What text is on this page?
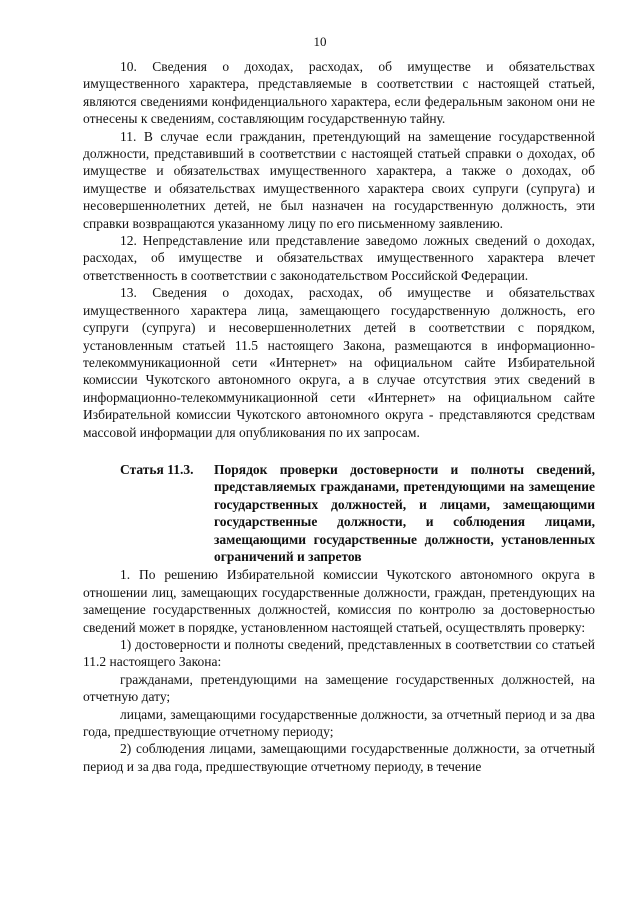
10

10. Сведения о доходах, расходах, об имуществе и обязательствах имущественного характера, представляемые в соответствии с настоящей статьей, являются сведениями конфиденциального характера, если федеральным законом они не отнесены к сведениям, составляющим государственную тайну.

11. В случае если гражданин, претендующий на замещение государственной должности, представивший в соответствии с настоящей статьей справки о доходах, об имуществе и обязательствах имущественного характера, а также о доходах, об имуществе и обязательствах имущественного характера своих супруги (супруга) и несовершеннолетних детей, не был назначен на государственную должность, эти справки возвращаются указанному лицу по его письменному заявлению.

12. Непредставление или представление заведомо ложных сведений о доходах, расходах, об имуществе и обязательствах имущественного характера влечет ответственность в соответствии с законодательством Российской Федерации.

13. Сведения о доходах, расходах, об имуществе и обязательствах имущественного характера лица, замещающего государственную должность, его супруги (супруга) и несовершеннолетних детей в соответствии с порядком, установленным статьей 11.5 настоящего Закона, размещаются в информационно-телекоммуникационной сети «Интернет» на официальном сайте Избирательной комиссии Чукотского автономного округа, а в случае отсутствия этих сведений в информационно-телекоммуникационной сети «Интернет» на официальном сайте Избирательной комиссии Чукотского автономного округа - представляются средствам массовой информации для опубликования по их запросам.

Статья 11.3.	Порядок проверки достоверности и полноты сведений, представляемых гражданами, претендующими на замещение государственных должностей, и лицами, замещающими государственные должности, и соблюдения лицами, замещающими государственные должности, установленных ограничений и запретов

1. По решению Избирательной комиссии Чукотского автономного округа в отношении лиц, замещающих государственные должности, граждан, претендующих на замещение государственных должностей, комиссия по контролю за достоверностью сведений может в порядке, установленном настоящей статьей, осуществлять проверку:

1) достоверности и полноты сведений, представленных в соответствии со статьей 11.2 настоящего Закона:

гражданами, претендующими на замещение государственных должностей, на отчетную дату;

лицами, замещающими государственные должности, за отчетный период и за два года, предшествующие отчетному периоду;

2) соблюдения лицами, замещающими государственные должности, за отчетный период и за два года, предшествующие отчетному периоду, в течение
